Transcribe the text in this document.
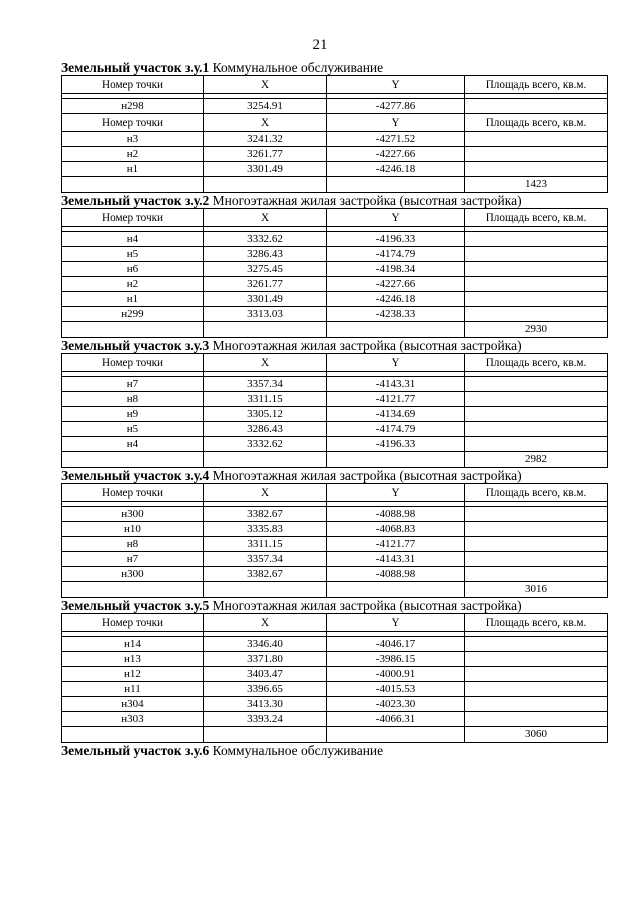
21
Земельный участок з.у.1 Коммунальное обслуживание
Номер точки	X	Y	Площадь всего, кв.м.

н298	3254.91	-4277.86	
Номер точки	X	Y	Площадь всего, кв.м.
н3	3241.32	-4271.52	
н2	3261.77	-4227.66	
н1	3301.49	-4246.18	
			1423
Земельный участок з.у.2 Многоэтажная жилая застройка (высотная застройка)
Номер точки	X	Y	Площадь всего, кв.м.

н4	3332.62	-4196.33	
н5	3286.43	-4174.79	
н6	3275.45	-4198.34	
н2	3261.77	-4227.66	
н1	3301.49	-4246.18	
н299	3313.03	-4238.33	
			2930
Земельный участок з.у.3 Многоэтажная жилая застройка (высотная застройка)
Номер точки	X	Y	Площадь всего, кв.м.

н7	3357.34	-4143.31	
н8	3311.15	-4121.77	
н9	3305.12	-4134.69	
н5	3286.43	-4174.79	
н4	3332.62	-4196.33	
			2982
Земельный участок з.у.4 Многоэтажная жилая застройка (высотная застройка)
Номер точки	X	Y	Площадь всего, кв.м.

н300	3382.67	-4088.98	
н10	3335.83	-4068.83	
н8	3311.15	-4121.77	
н7	3357.34	-4143.31	
н300	3382.67	-4088.98	
			3016
Земельный участок з.у.5 Многоэтажная жилая застройка (высотная застройка)
Номер точки	X	Y	Площадь всего, кв.м.

н14	3346.40	-4046.17	
н13	3371.80	-3986.15	
н12	3403.47	-4000.91	
н11	3396.65	-4015.53	
н304	3413.30	-4023.30	
н303	3393.24	-4066.31	
			3060
Земельный участок з.у.6 Коммунальное обслуживание
